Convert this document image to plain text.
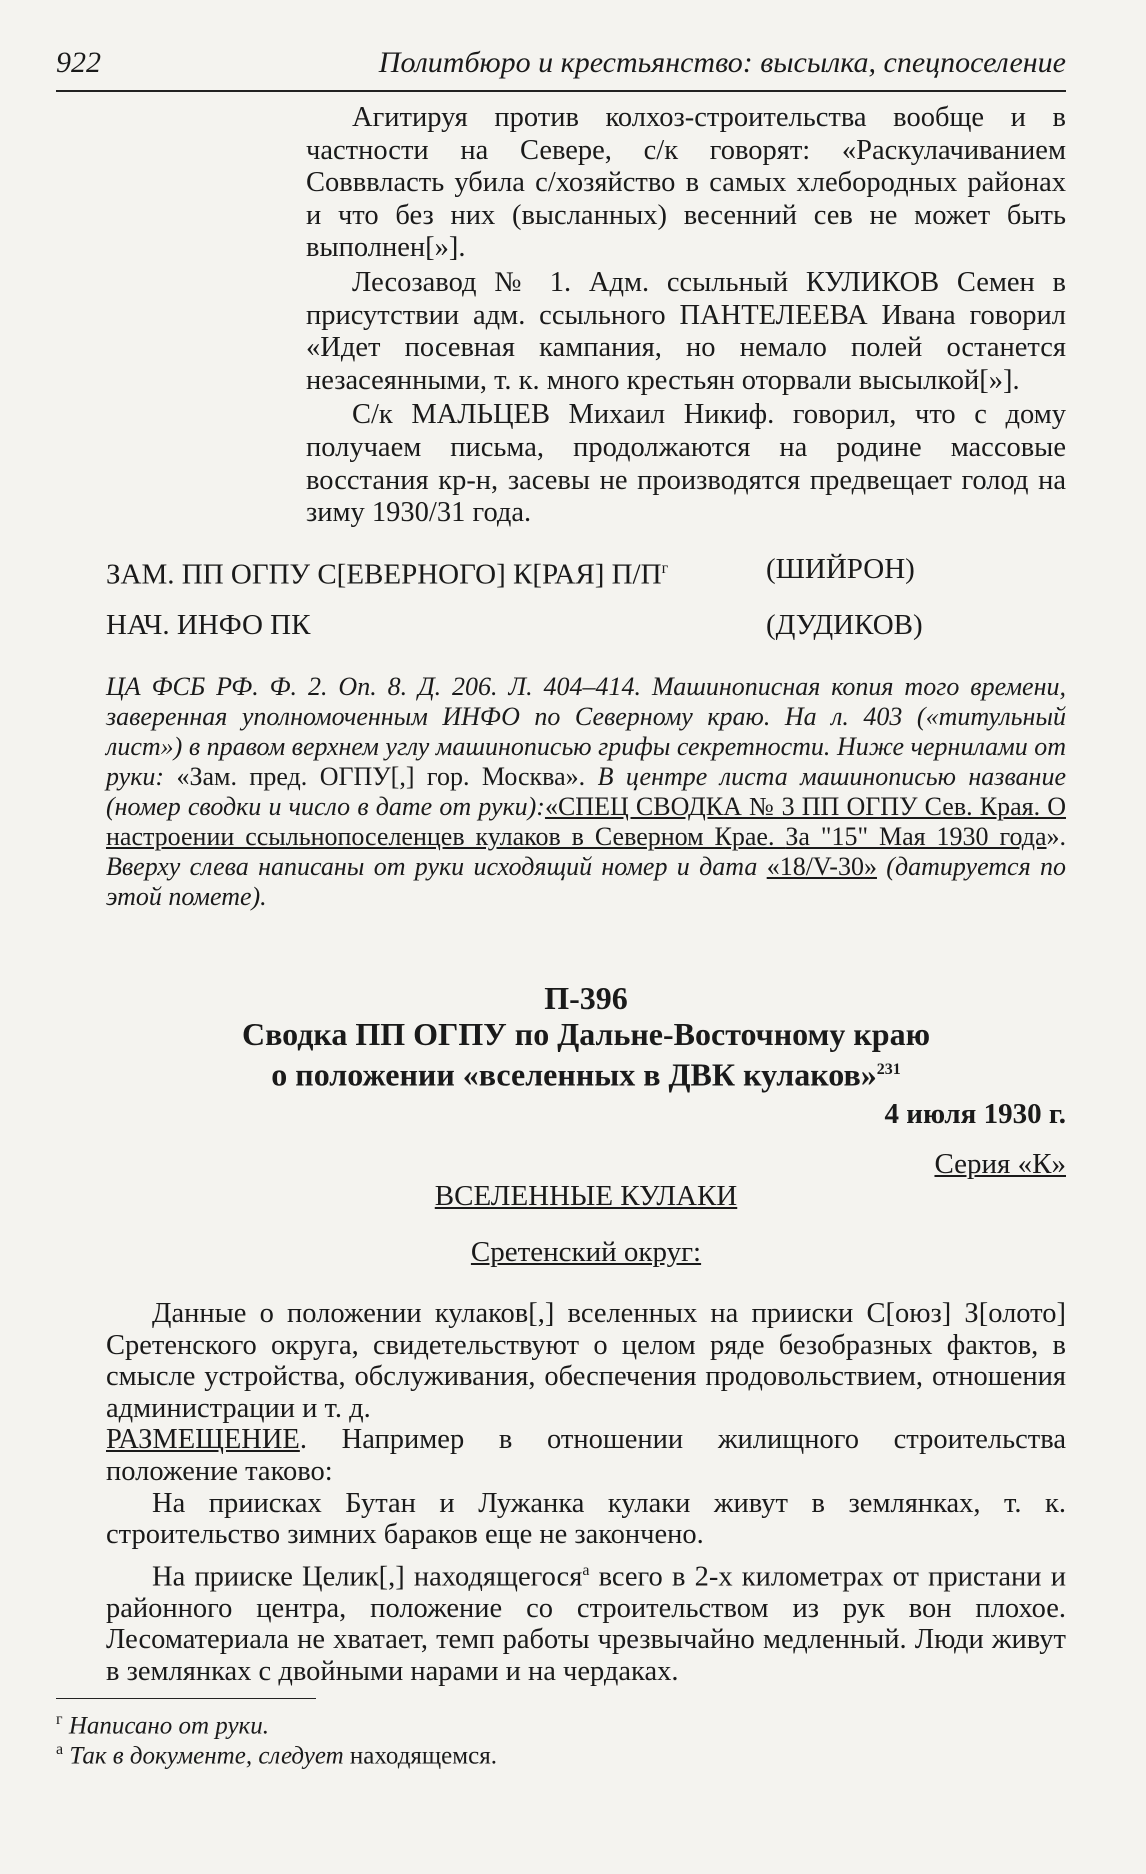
922	Политбюро и крестьянство: высылка, спецпоселение

Агитируя против колхоз-строительства вообще и в частности на Севере, с/к говорят: «Раскулачиванием Совввласть убила с/хозяйство в самых хлебородных районах и что без них (высланных) весенний сев не может быть выполнен[»].

Лесозавод № 1. Адм. ссыльный КУЛИКОВ Семен в присутствии адм. ссыльного ПАНТЕЛЕЕВА Ивана говорил «Идет посевная кампания, но немало полей останется незасеянными, т. к. много крестьян оторвали высылкой[»].

С/к МАЛЬЦЕВ Михаил Никиф. говорил, что с дому получаем письма, продолжаются на родине массовые восстания кр-н, засевы не производятся предвещает голод на зиму 1930/31 года.

ЗАМ. ПП ОГПУ С[ЕВЕРНОГО] К[РАЯ] $П/П^г$	(ШИЙРОН)
НАЧ. ИНФО ПК	(ДУДИКОВ)

ЦА ФСБ РФ. Ф. 2. Оп. 8. Д. 206. Л. 404–414. Машинописная копия того времени, заверенная уполномоченным ИНФО по Северному краю. На л. 403 («титульный лист») в правом верхнем углу машинописью грифы секретности. Ниже чернилами от руки: «Зам. пред. ОГПУ[,] гор. Москва». В центре листа машинописью название (номер сводки и число в дате от руки):«СПЕЦ СВОДКА № 3 ПП ОГПУ Сев. Края. О настроении ссыльнопоселенцев кулаков в Северном Крае. За "15" Мая 1930 года». Вверху слева написаны от руки исходящий номер и дата «18/V-30» (датируется по этой помете).

П-396
Сводка ПП ОГПУ по Дальне-Восточному краю
о положении «вселенных в ДВК кулаков»$^{231}$
4 июля 1930 г.
Серия «К»
ВСЕЛЕННЫЕ КУЛАКИ
Сретенский округ:

Данные о положении кулаков[,] вселенных на прииски С[оюз] З[олото] Сретенского округа, свидетельствуют о целом ряде безобразных фактов, в смысле устройства, обслуживания, обеспечения продовольствием, отношения администрации и т. д.

РАЗМЕЩЕНИЕ. Например в отношении жилищного строительства положение таково:

На приисках Бутан и Лужанка кулаки живут в землянках, т. к. строительство зимних бараков еще не закончено.

На прииске Целик[,] находящегося$^а$ всего в 2-х километрах от пристани и районного центра, положение со строительством из рук вон плохое. Лесоматериала не хватает, темп работы чрезвычайно медленный. Люди живут в землянках с двойными нарами и на чердаках.

$^г$ Написано от руки.
$^а$ Так в документе, следует находящемся.
